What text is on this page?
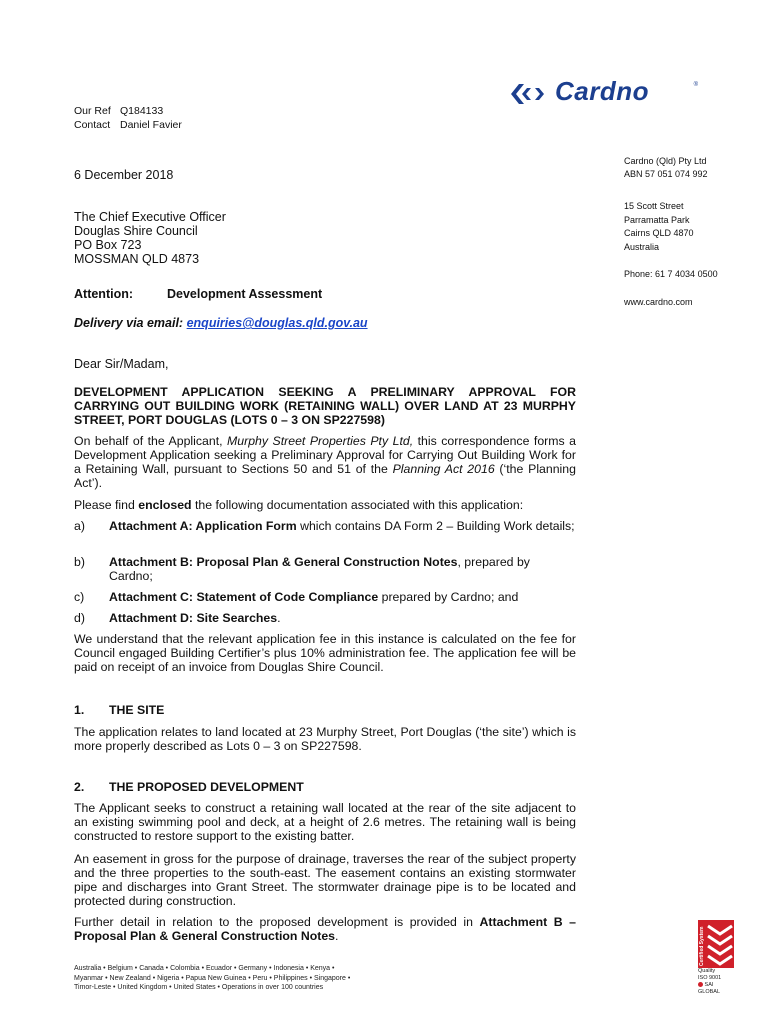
Our Ref Q184133
Contact Daniel Favier
Cardno	®
Cardno (Qld) Pty Ltd
ABN 57 051 074 992
15 Scott Street
Parramatta Park
Cairns QLD 4870
Australia
Phone: 61 7 4034 0500
www.cardno.com
6 December 2018
The Chief Executive Officer
Douglas Shire Council
PO Box 723
MOSSMAN QLD 4873
Attention:	Development Assessment
Delivery via email: enquiries@douglas.qld.gov.au
Dear Sir/Madam,
DEVELOPMENT APPLICATION SEEKING A PRELIMINARY APPROVAL FOR CARRYING OUT BUILDING WORK (RETAINING WALL) OVER LAND AT 23 MURPHY STREET, PORT DOUGLAS (LOTS 0 – 3 ON SP227598)
On behalf of the Applicant, Murphy Street Properties Pty Ltd, this correspondence forms a Development Application seeking a Preliminary Approval for Carrying Out Building Work for a Retaining Wall, pursuant to Sections 50 and 51 of the Planning Act 2016 (‘the Planning Act’).
Please find enclosed the following documentation associated with this application:
a) Attachment A: Application Form which contains DA Form 2 – Building Work details;
b) Attachment B: Proposal Plan & General Construction Notes, prepared by Cardno;
c) Attachment C: Statement of Code Compliance prepared by Cardno; and
d) Attachment D: Site Searches.
We understand that the relevant application fee in this instance is calculated on the fee for Council engaged Building Certifier’s plus 10% administration fee. The application fee will be paid on receipt of an invoice from Douglas Shire Council.
1. THE SITE
The application relates to land located at 23 Murphy Street, Port Douglas (‘the site’) which is more properly described as Lots 0 – 3 on SP227598.
2. THE PROPOSED DEVELOPMENT
The Applicant seeks to construct a retaining wall located at the rear of the site adjacent to an existing swimming pool and deck, at a height of 2.6 metres. The retaining wall is being constructed to restore support to the existing batter.
An easement in gross for the purpose of drainage, traverses the rear of the subject property and the three properties to the south-east. The easement contains an existing stormwater pipe and discharges into Grant Street. The stormwater drainage pipe is to be located and protected during construction.
Further detail in relation to the proposed development is provided in Attachment B – Proposal Plan & General Construction Notes.
Australia • Belgium • Canada • Colombia • Ecuador • Germany • Indonesia • Kenya •
Myanmar • New Zealand • Nigeria • Papua New Guinea • Peru • Philippines • Singapore •
Timor-Leste • United Kingdom • United States • Operations in over 100 countries
Certified System
Quality
ISO 9001
SAI GLOBAL
